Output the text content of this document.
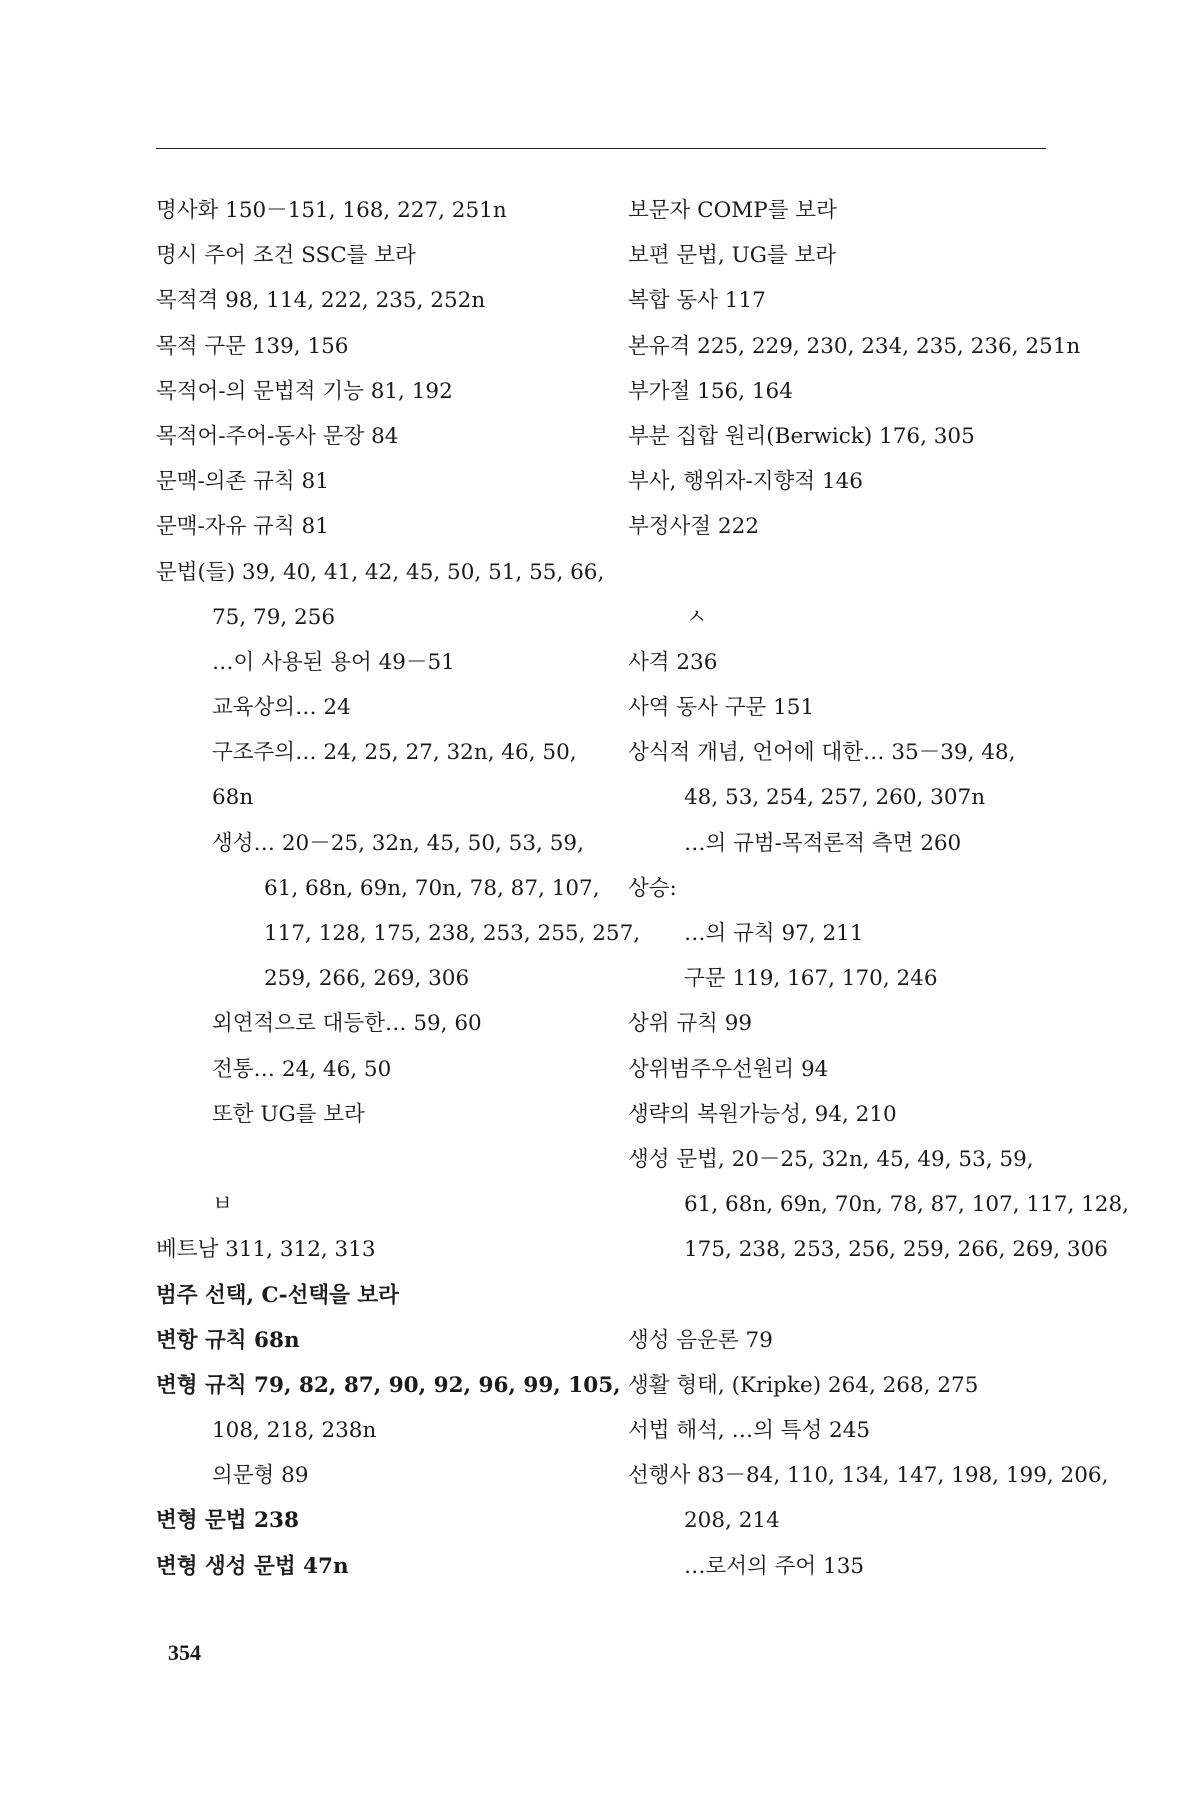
명사화 150－151, 168, 227, 251n
명시 주어 조건 SSC를 보라
목적격 98, 114, 222, 235, 252n
목적 구문 139, 156
목적어-의 문법적 기능 81, 192
목적어-주어-동사 문장 84
문맥-의존 규칙 81
문맥-자유 규칙 81
문법(들) 39, 40, 41, 42, 45, 50, 51, 55, 66,
75, 79, 256
…이 사용된 용어 49－51
교육상의… 24
구조주의… 24, 25, 27, 32n, 46, 50,
68n
생성… 20－25, 32n, 45, 50, 53, 59,
61, 68n, 69n, 70n, 78, 87, 107,
117, 128, 175, 238, 253, 255, 257,
259, 266, 269, 306
외연적으로 대등한… 59, 60
전통… 24, 46, 50
또한 UG를 보라
ㅂ
베트남 311, 312, 313
범주 선택, C-선택을 보라
변항 규칙 68n
변형 규칙 79, 82, 87, 90, 92, 96, 99, 105,
108, 218, 238n
의문형 89
변형 문법 238
변형 생성 문법 47n
보문자 COMP를 보라
보편 문법, UG를 보라
복합 동사 117
본유격 225, 229, 230, 234, 235, 236, 251n
부가절 156, 164
부분 집합 원리(Berwick) 176, 305
부사, 행위자-지향적 146
부정사절 222
ㅅ
사격 236
사역 동사 구문 151
상식적 개념, 언어에 대한… 35－39, 48,
48, 53, 254, 257, 260, 307n
…의 규범-목적론적 측면 260
상승:
…의 규칙 97, 211
구문 119, 167, 170, 246
상위 규칙 99
상위범주우선원리 94
생략의 복원가능성, 94, 210
생성 문법, 20－25, 32n, 45, 49, 53, 59,
61, 68n, 69n, 70n, 78, 87, 107, 117, 128,
175, 238, 253, 256, 259, 266, 269, 306
생성 음운론 79
생활 형태, (Kripke) 264, 268, 275
서법 해석, …의 특성 245
선행사 83－84, 110, 134, 147, 198, 199, 206,
208, 214
…로서의 주어 135
354
